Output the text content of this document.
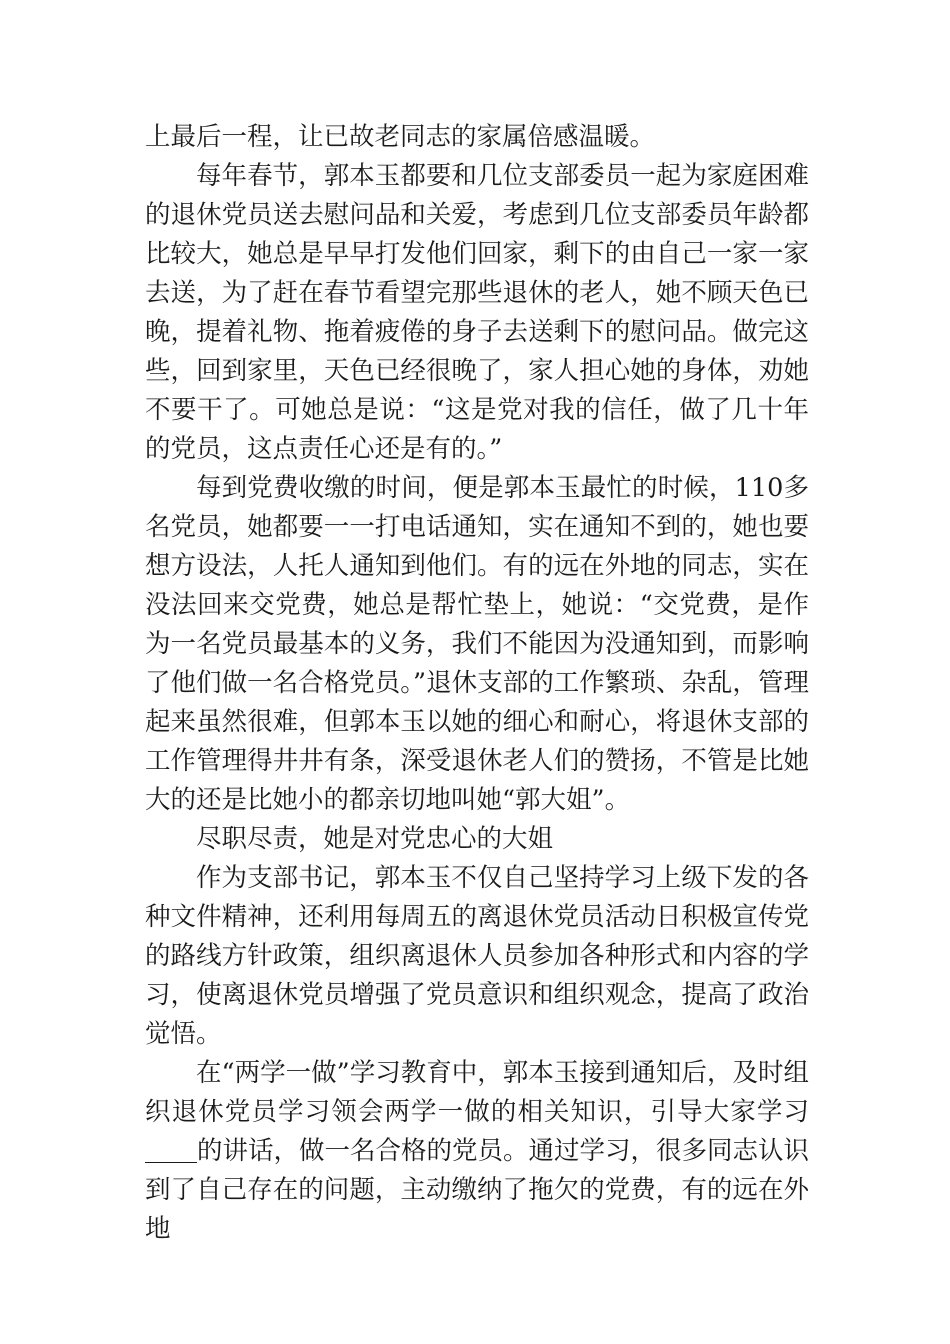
上最后一程，让已故老同志的家属倍感温暖。

每年春节，郭本玉都要和几位支部委员一起为家庭困难的退休党员送去慰问品和关爱，考虑到几位支部委员年龄都比较大，她总是早早打发他们回家，剩下的由自己一家一家去送，为了赶在春节看望完那些退休的老人，她不顾天色已晚，提着礼物、拖着疲倦的身子去送剩下的慰问品。做完这些，回到家里，天色已经很晚了，家人担心她的身体，劝她不要干了。可她总是说：“这是党对我的信任，做了几十年的党员，这点责任心还是有的。”

每到党费收缴的时间，便是郭本玉最忙的时候，110多名党员，她都要一一打电话通知，实在通知不到的，她也要想方设法，人托人通知到他们。有的远在外地的同志，实在没法回来交党费，她总是帮忙垫上，她说：“交党费，是作为一名党员最基本的义务，我们不能因为没通知到，而影响了他们做一名合格党员。”退休支部的工作繁琐、杂乱，管理起来虽然很难，但郭本玉以她的细心和耐心，将退休支部的工作管理得井井有条，深受退休老人们的赞扬，不管是比她大的还是比她小的都亲切地叫她“郭大姐”。

尽职尽责，她是对党忠心的大姐

作为支部书记，郭本玉不仅自己坚持学习上级下发的各种文件精神，还利用每周五的离退休党员活动日积极宣传党的路线方针政策，组织离退休人员参加各种形式和内容的学习，使离退休党员增强了党员意识和组织观念，提高了政治觉悟。

在“两学一做”学习教育中，郭本玉接到通知后，及时组织退休党员学习领会两学一做的相关知识，引导大家学习的讲话，做一名合格的党员。通过学习，很多同志认识到了自己存在的问题，主动缴纳了拖欠的党费，有的远在外地
